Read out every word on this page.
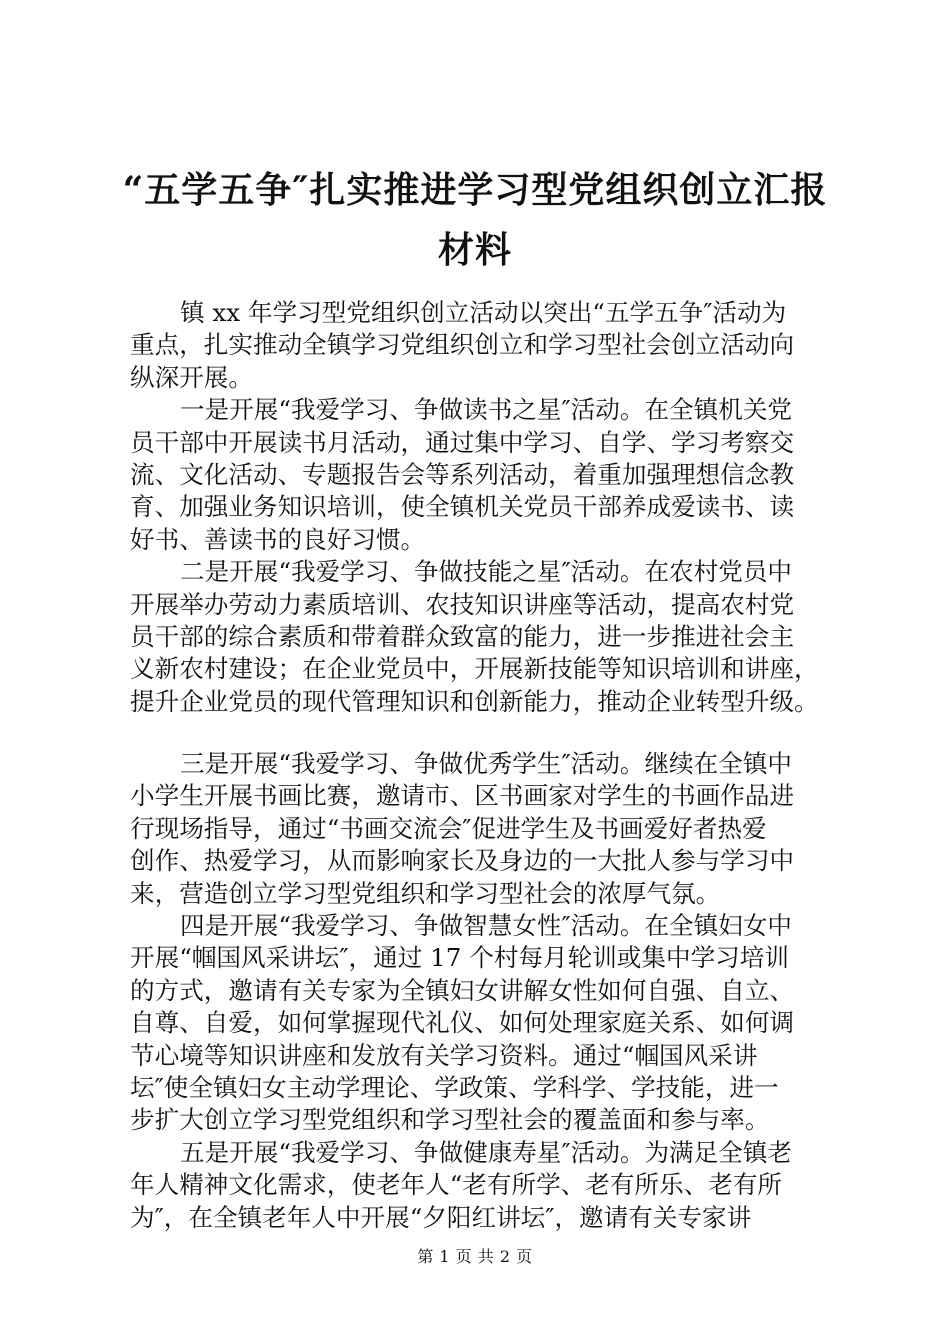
“五学五争″扎实推进学习型党组织创立汇报
材料
镇 xx 年学习型党组织创立活动以突出“五学五争″活动为
重点，扎实推动全镇学习党组织创立和学习型社会创立活动向
纵深开展。
一是开展“我爱学习、争做读书之星″活动。在全镇机关党
员干部中开展读书月活动，通过集中学习、自学、学习考察交
流、文化活动、专题报告会等系列活动，着重加强理想信念教
育、加强业务知识培训，使全镇机关党员干部养成爱读书、读
好书、善读书的良好习惯。
二是开展“我爱学习、争做技能之星″活动。在农村党员中
开展举办劳动力素质培训、农技知识讲座等活动，提高农村党
员干部的综合素质和带着群众致富的能力，进一步推进社会主
义新农村建设；在企业党员中，开展新技能等知识培训和讲座，
提升企业党员的现代管理知识和创新能力，推动企业转型升级。
三是开展“我爱学习、争做优秀学生″活动。继续在全镇中
小学生开展书画比赛，邀请市、区书画家对学生的书画作品进
行现场指导，通过“书画交流会″促进学生及书画爱好者热爱
创作、热爱学习，从而影响家长及身边的一大批人参与学习中
来，营造创立学习型党组织和学习型社会的浓厚气氛。
四是开展“我爱学习、争做智慧女性″活动。在全镇妇女中
开展“帼国风采讲坛″，通过 17 个村每月轮训或集中学习培训
的方式，邀请有关专家为全镇妇女讲解女性如何自强、自立、
自尊、自爱，如何掌握现代礼仪、如何处理家庭关系、如何调
节心境等知识讲座和发放有关学习资料。通过“帼国风采讲
坛″使全镇妇女主动学理论、学政策、学科学、学技能，进一
步扩大创立学习型党组织和学习型社会的覆盖面和参与率。
五是开展“我爱学习、争做健康寿星″活动。为满足全镇老
年人精神文化需求，使老年人“老有所学、老有所乐、老有所
为″，在全镇老年人中开展“夕阳红讲坛″，邀请有关专家讲
第 1 页 共 2 页
